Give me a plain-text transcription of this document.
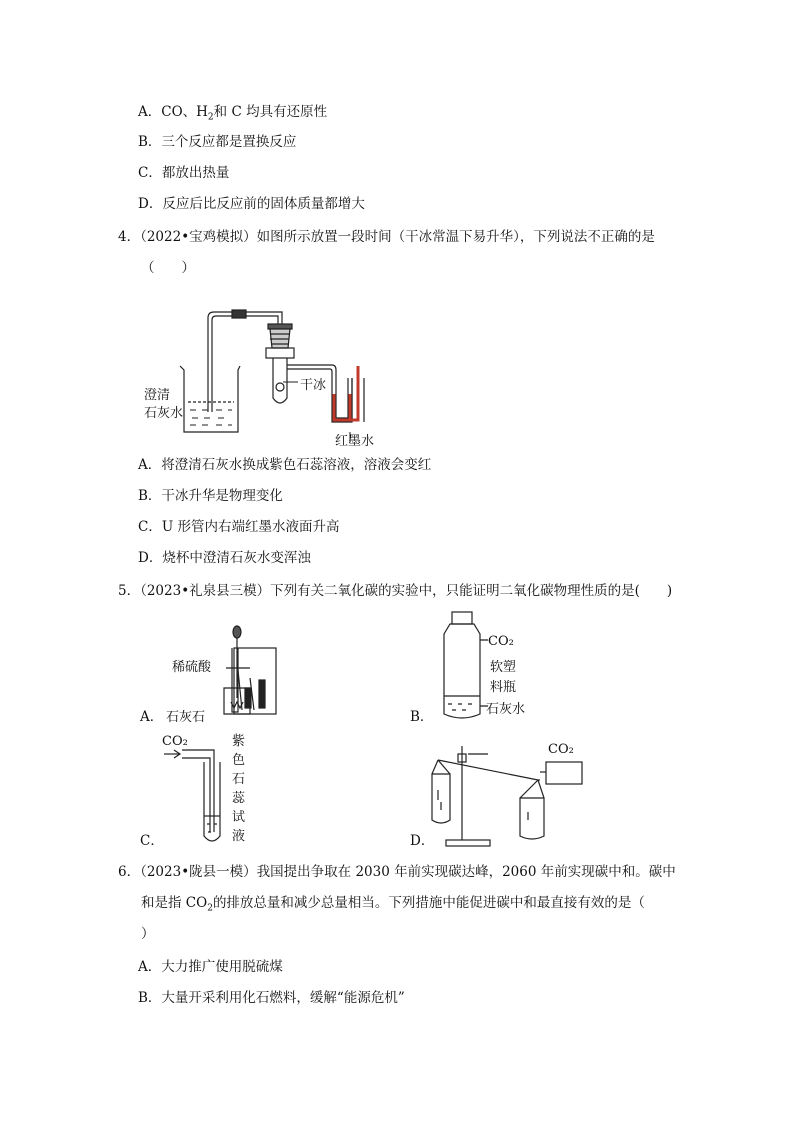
A．CO、$H_2$和 C 均具有还原性
B．三个反应都是置换反应
C．都放出热量
D．反应后比反应前的固体质量都增大
4．（2022•宝鸡模拟）如图所示放置一段时间（干冰常温下易升华），下列说法不正确的是
（　　）
澄清
石灰水
干冰
红墨水
A．将澄清石灰水换成紫色石蕊溶液，溶液会变红
B．干冰升华是物理变化
C．U 形管内右端红墨水液面升高
D．烧杯中澄清石灰水变浑浊
5．（2023•礼泉县三模）下列有关二氧化碳的实验中，只能证明二氧化碳物理性质的是(　　)
稀硫酸
石灰石
A．
CO₂
软塑
料瓶
石灰水
B．
CO₂	紫
色
石
蕊
试
液
C．
CO₂
D．
6．（2023•陇县一模）我国提出争取在 2030 年前实现碳达峰，2060 年前实现碳中和。碳中
和是指 $CO_2$的排放总量和减少总量相当。下列措施中能促进碳中和最直接有效的是（
）
A．大力推广使用脱硫煤
B．大量开采利用化石燃料，缓解“能源危机”
